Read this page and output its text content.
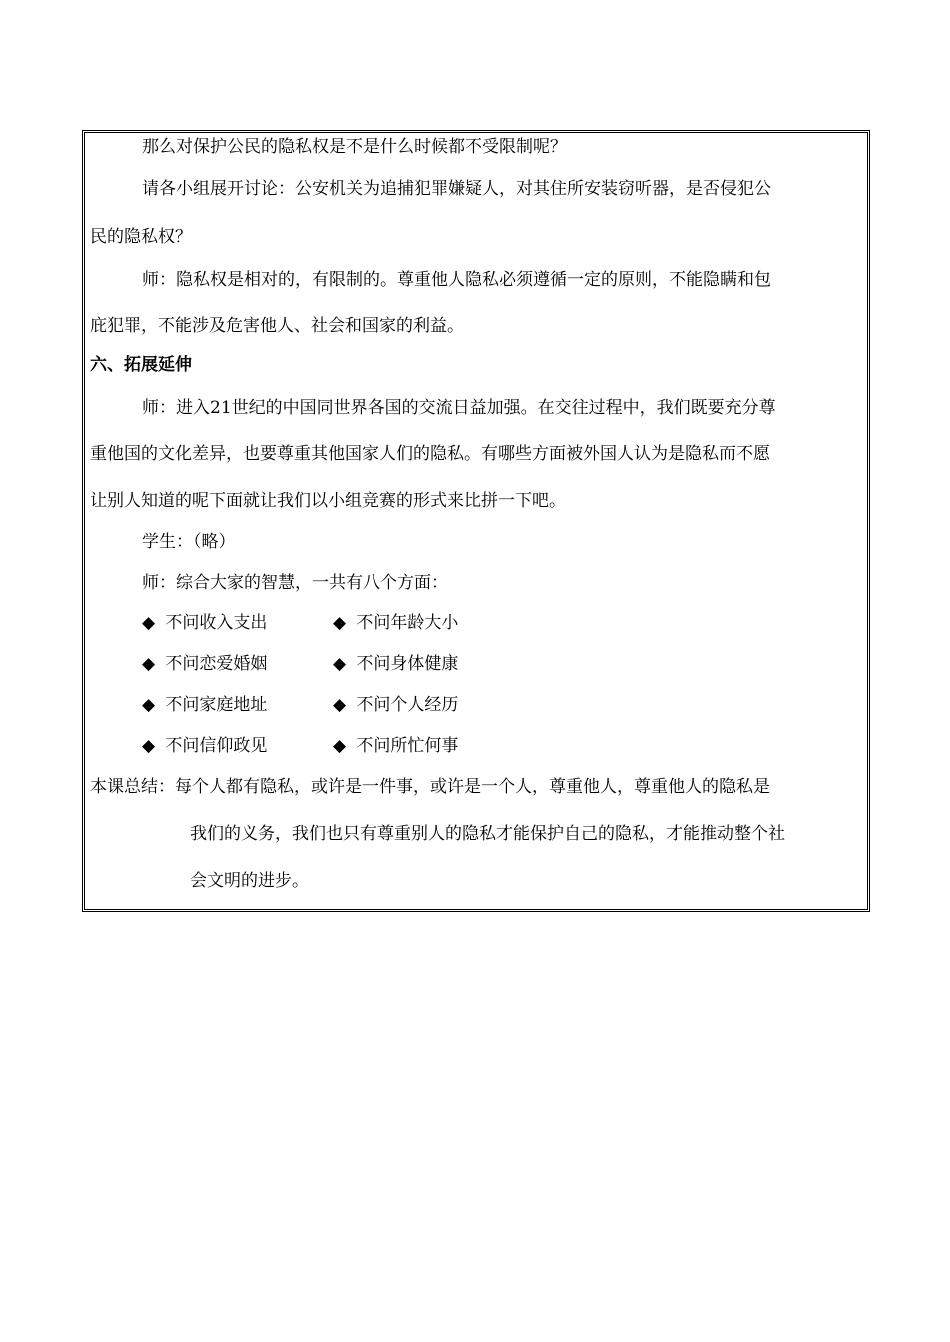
那么对保护公民的隐私权是不是什么时候都不受限制呢？
请各小组展开讨论：公安机关为追捕犯罪嫌疑人，对其住所安装窃听器，是否侵犯公
民的隐私权？
师：隐私权是相对的，有限制的。尊重他人隐私必须遵循一定的原则，不能隐瞒和包
庇犯罪，不能涉及危害他人、社会和国家的利益。
六、拓展延伸
师：进入21世纪的中国同世界各国的交流日益加强。在交往过程中，我们既要充分尊
重他国的文化差异，也要尊重其他国家人们的隐私。有哪些方面被外国人认为是隐私而不愿
让别人知道的呢下面就让我们以小组竞赛的形式来比拼一下吧。
学生：（略）
师：综合大家的智慧，一共有八个方面：
◆ 不问收入支出
◆ 不问恋爱婚姻
◆ 不问家庭地址
◆ 不问信仰政见
◆ 不问年龄大小
◆ 不问身体健康
◆ 不问个人经历
◆ 不问所忙何事
本课总结：每个人都有隐私，或许是一件事，或许是一个人，尊重他人，尊重他人的隐私是
我们的义务，我们也只有尊重别人的隐私才能保护自己的隐私，才能推动整个社
会文明的进步。
